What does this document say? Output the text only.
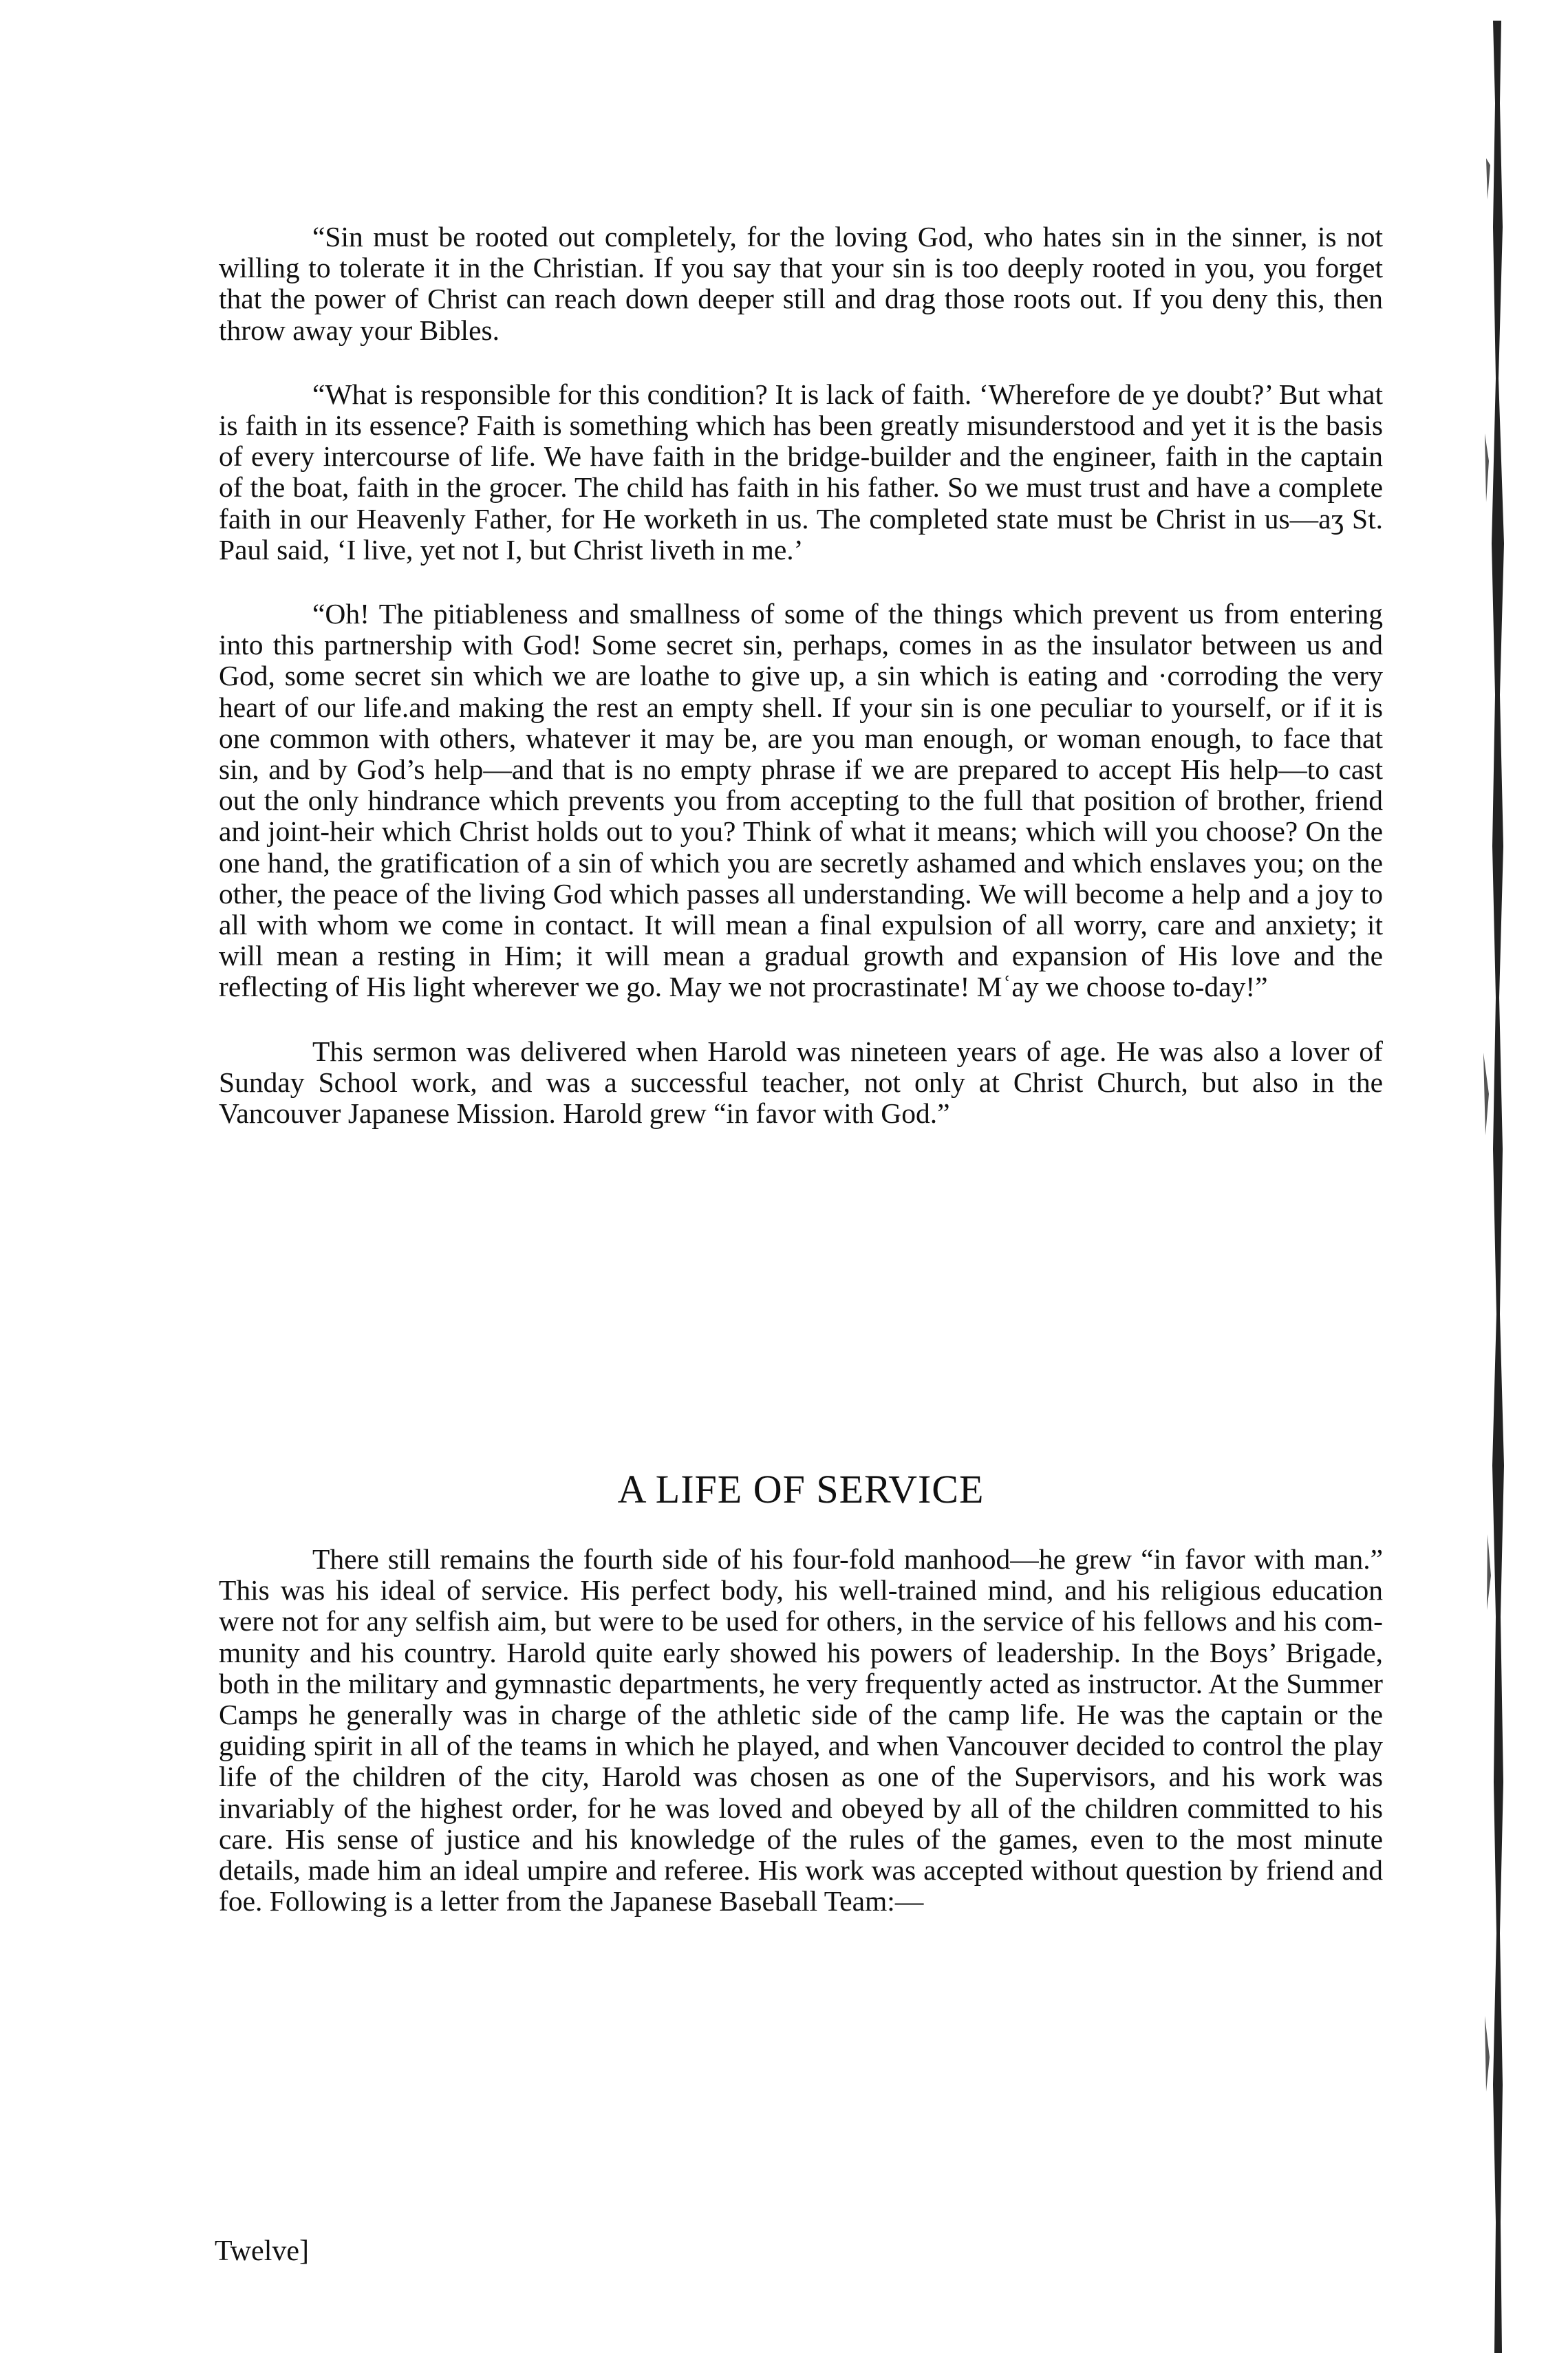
“Sin must be rooted out completely, for the loving God, who hates sin in the sinner, is not willing to tolerate it in the Christian. If you say that your sin is too deeply rooted in you, you forget that the power of Christ can reach down deeper still and drag those roots out. If you deny this, then throw away your Bibles.

“What is responsible for this condition? It is lack of faith. ‘Wherefore de ye doubt?’ But what is faith in its essence? Faith is something which has been greatly misunderstood and yet it is the basis of every intercourse of life. We have faith in the bridge-builder and the engineer, faith in the captain of the boat, faith in the grocer. The child has faith in his father. So we must trust and have a complete faith in our Heavenly Father, for He worketh in us. The completed state must be Christ in us—aʒ St. Paul said, ‘I live, yet not I, but Christ liveth in me.’

“Oh! The pitiableness and smallness of some of the things which prevent us from entering into this partnership with God! Some secret sin, perhaps, comes in as the insulator between us and God, some secret sin which we are loathe to give up, a sin which is eating and ·corroding the very heart of our life.and making the rest an empty shell. If your sin is one peculiar to yourself, or if it is one common with others, whatever it may be, are you man enough, or woman enough, to face that sin, and by God’s help—and that is no empty phrase if we are prepared to accept His help—to cast out the only hindrance which prevents you from accepting to the full that position of brother, friend and joint-heir which Christ holds out to you? Think of what it means; which will you choose? On the one hand, the gratification of a sin of which you are secretly ashamed and which enslaves you; on the other, the peace of the living God which passes all understanding. We will become a help and a joy to all with whom we come in contact. It will mean a final expulsion of all worry, care and anxiety; it will mean a resting in Him; it will mean a gradual growth and expansion of His love and the reflecting of His light wherever we go. May we not procrastinate! Mʿay we choose to-day!”

This sermon was delivered when Harold was nineteen years of age. He was also a lover of Sunday School work, and was a successful teacher, not only at Christ Church, but also in the Vancouver Japanese Mission. Harold grew “in favor with God.”

A LIFE OF SERVICE

There still remains the fourth side of his four-fold manhood—he grew “in favor with man.” This was his ideal of service. His perfect body, his well-trained mind, and his religious education were not for any selfish aim, but were to be used for others, in the service of his fellows and his community and his country. Harold quite early showed his powers of leadership. In the Boys’ Brigade, both in the military and gymnastic departments, he very frequently acted as instructor. At the Summer Camps he generally was in charge of the athletic side of the camp life. He was the captain or the guiding spirit in all of the teams in which he played, and when Vancouver decided to control the play life of the children of the city, Harold was chosen as one of the Supervisors, and his work was invariably of the highest order, for he was loved and obeyed by all of the children committed to his care. His sense of justice and his knowledge of the rules of the games, even to the most minute details, made him an ideal umpire and referee. His work was accepted without question by friend and foe. Following is a letter from the Japanese Baseball Team:—

Twelve]
